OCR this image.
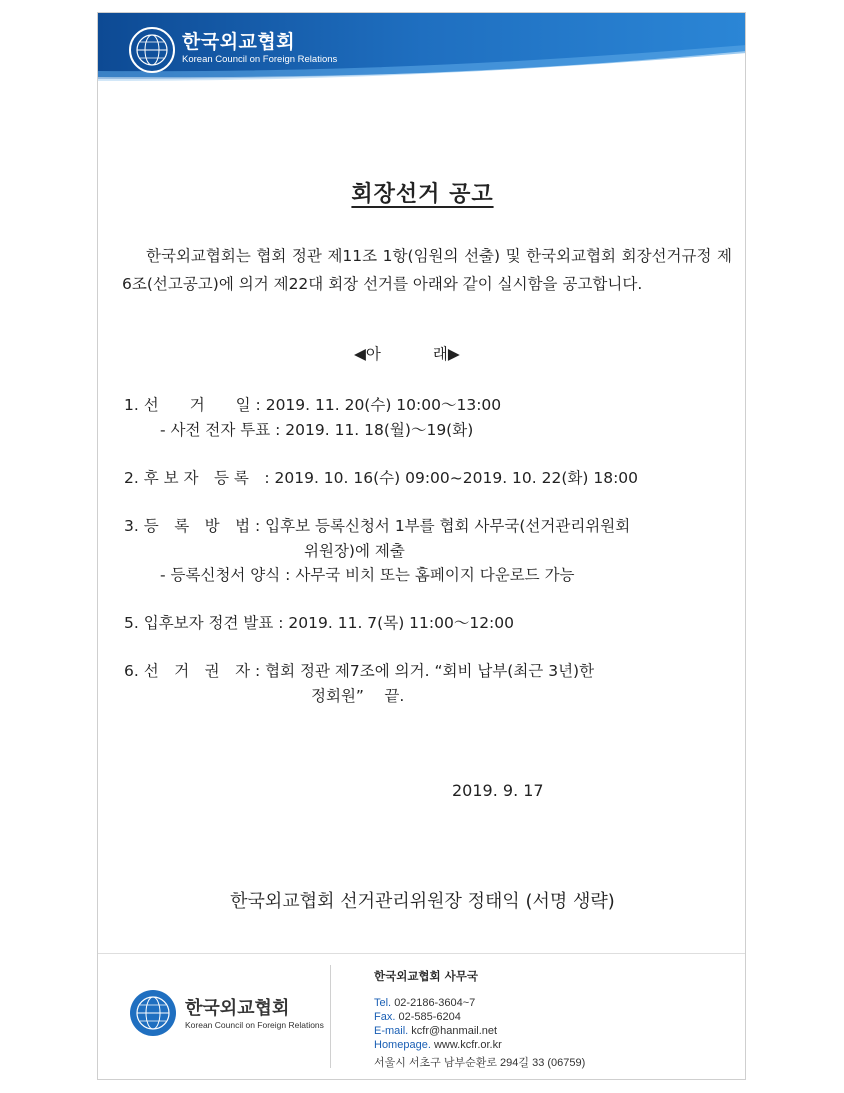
한국외교협회
Korean Council on Foreign Relations
회장선거 공고
한국외교협회는 협회 정관 제11조 1항(임원의 선출) 및 한국외교협회 회장선거규정 제6조(선고공고)에 의거 제22대 회장 선거를 아래와 같이 실시함을 공고합니다.
◀아	래▶
1. 선　　거　　일 : 2019. 11. 20(수) 10:00～13:00
- 사전 전자 투표 : 2019. 11. 18(월)～19(화)
2. 후 보 자　등 록　: 2019. 10. 16(수) 09:00~2019. 10. 22(화) 18:00
3. 등　록　방　법 : 입후보 등록신청서 1부를 협회 사무국(선거관리위원회
위원장)에 제출
- 등록신청서 양식 : 사무국 비치 또는 홈페이지 다운로드 가능
5. 입후보자 정견 발표 : 2019. 11. 7(목) 11:00～12:00
6. 선　거　권　자 : 협회 정관 제7조에 의거. “회비 납부(최근 3년)한
정회원”　 끝.
2019. 9. 17
한국외교협회 선거관리위원장 정태익 (서명 생략)
한국외교협회
Korean Council on Foreign Relations
한국외교협회 사무국
Tel. 02-2186-3604~7
Fax. 02-585-6204
E-mail. kcfr@hanmail.net
Homepage. www.kcfr.or.kr
서울시 서초구 남부순환로 294길 33 (06759)
